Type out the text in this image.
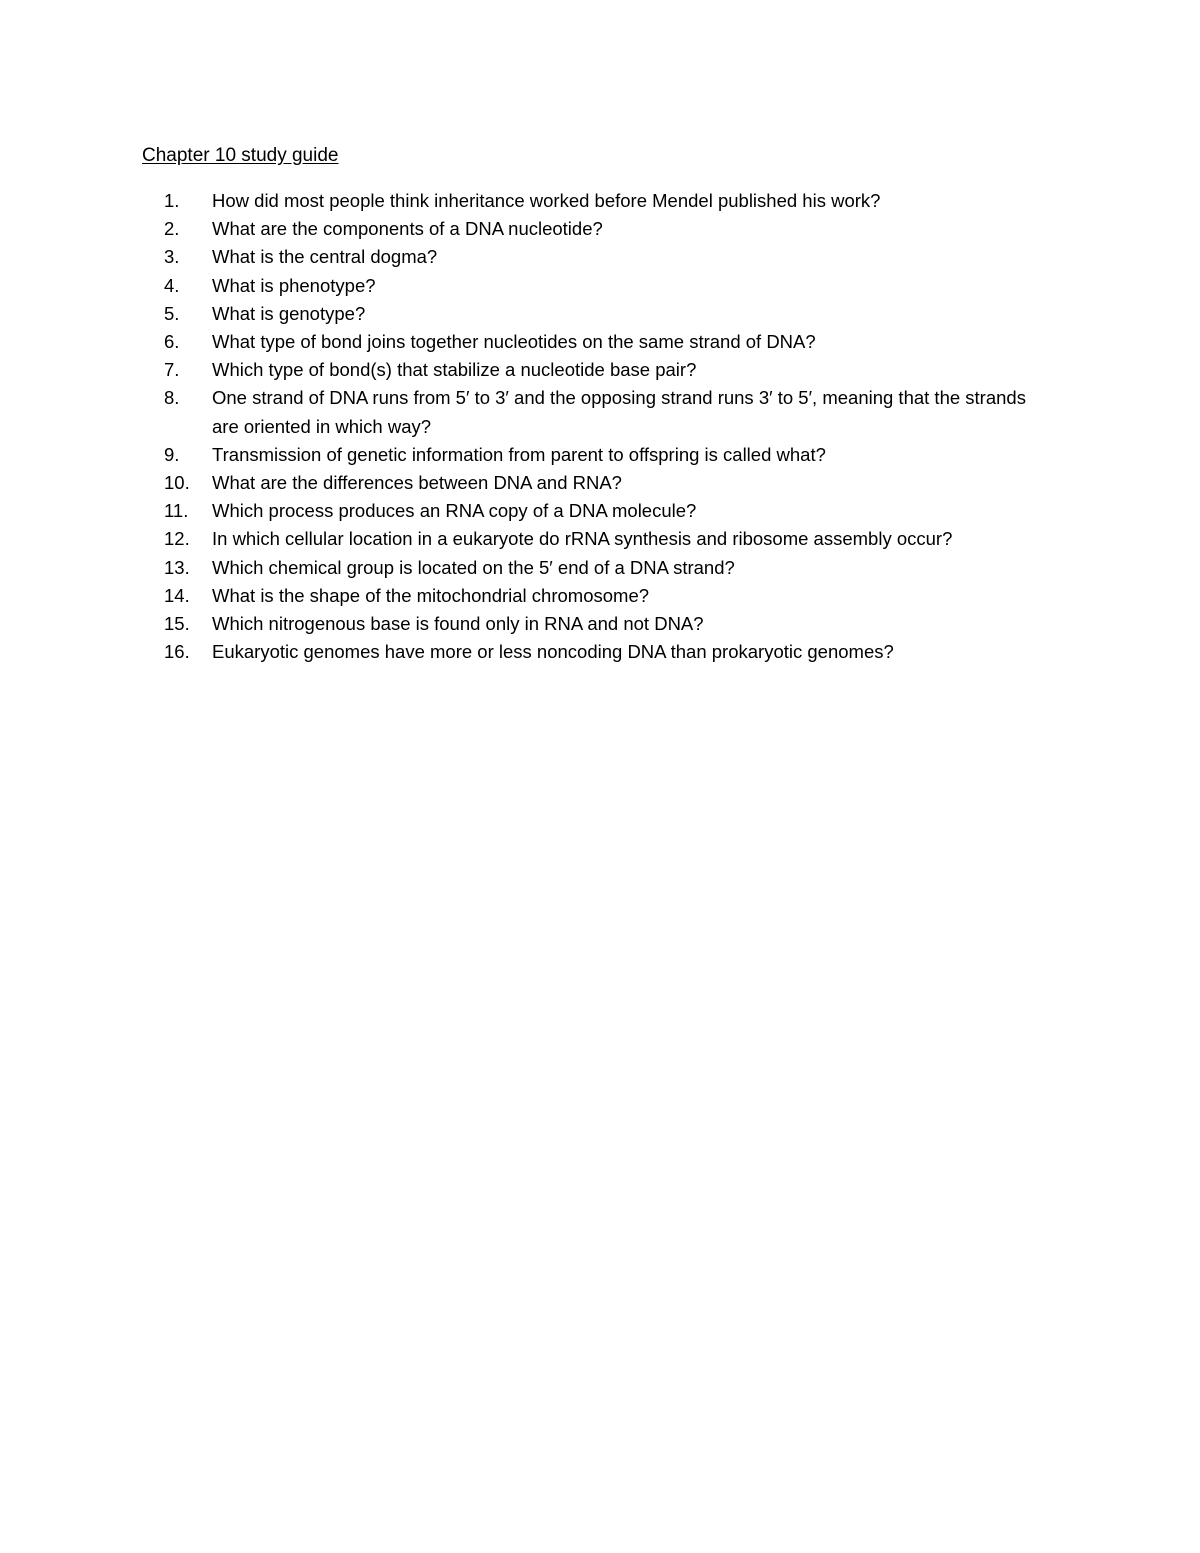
Chapter 10 study guide
1.	How did most people think inheritance worked before Mendel published his work?
2.	What are the components of a DNA nucleotide?
3.	What is the central dogma?
4.	What is phenotype?
5.	What is genotype?
6.	What type of bond joins together nucleotides on the same strand of DNA?
7.	Which type of bond(s) that stabilize a nucleotide base pair?
8.	One strand of DNA runs from 5′ to 3′ and the opposing strand runs 3′ to 5′, meaning that the strands are oriented in which way?
9.	Transmission of genetic information from parent to offspring is called what?
10.	What are the differences between DNA and RNA?
11.	Which process produces an RNA copy of a DNA molecule?
12.	In which cellular location in a eukaryote do rRNA synthesis and ribosome assembly occur?
13.	Which chemical group is located on the 5′ end of a DNA strand?
14.	What is the shape of the mitochondrial chromosome?
15.	Which nitrogenous base is found only in RNA and not DNA?
16.	Eukaryotic genomes have more or less noncoding DNA than prokaryotic genomes?
